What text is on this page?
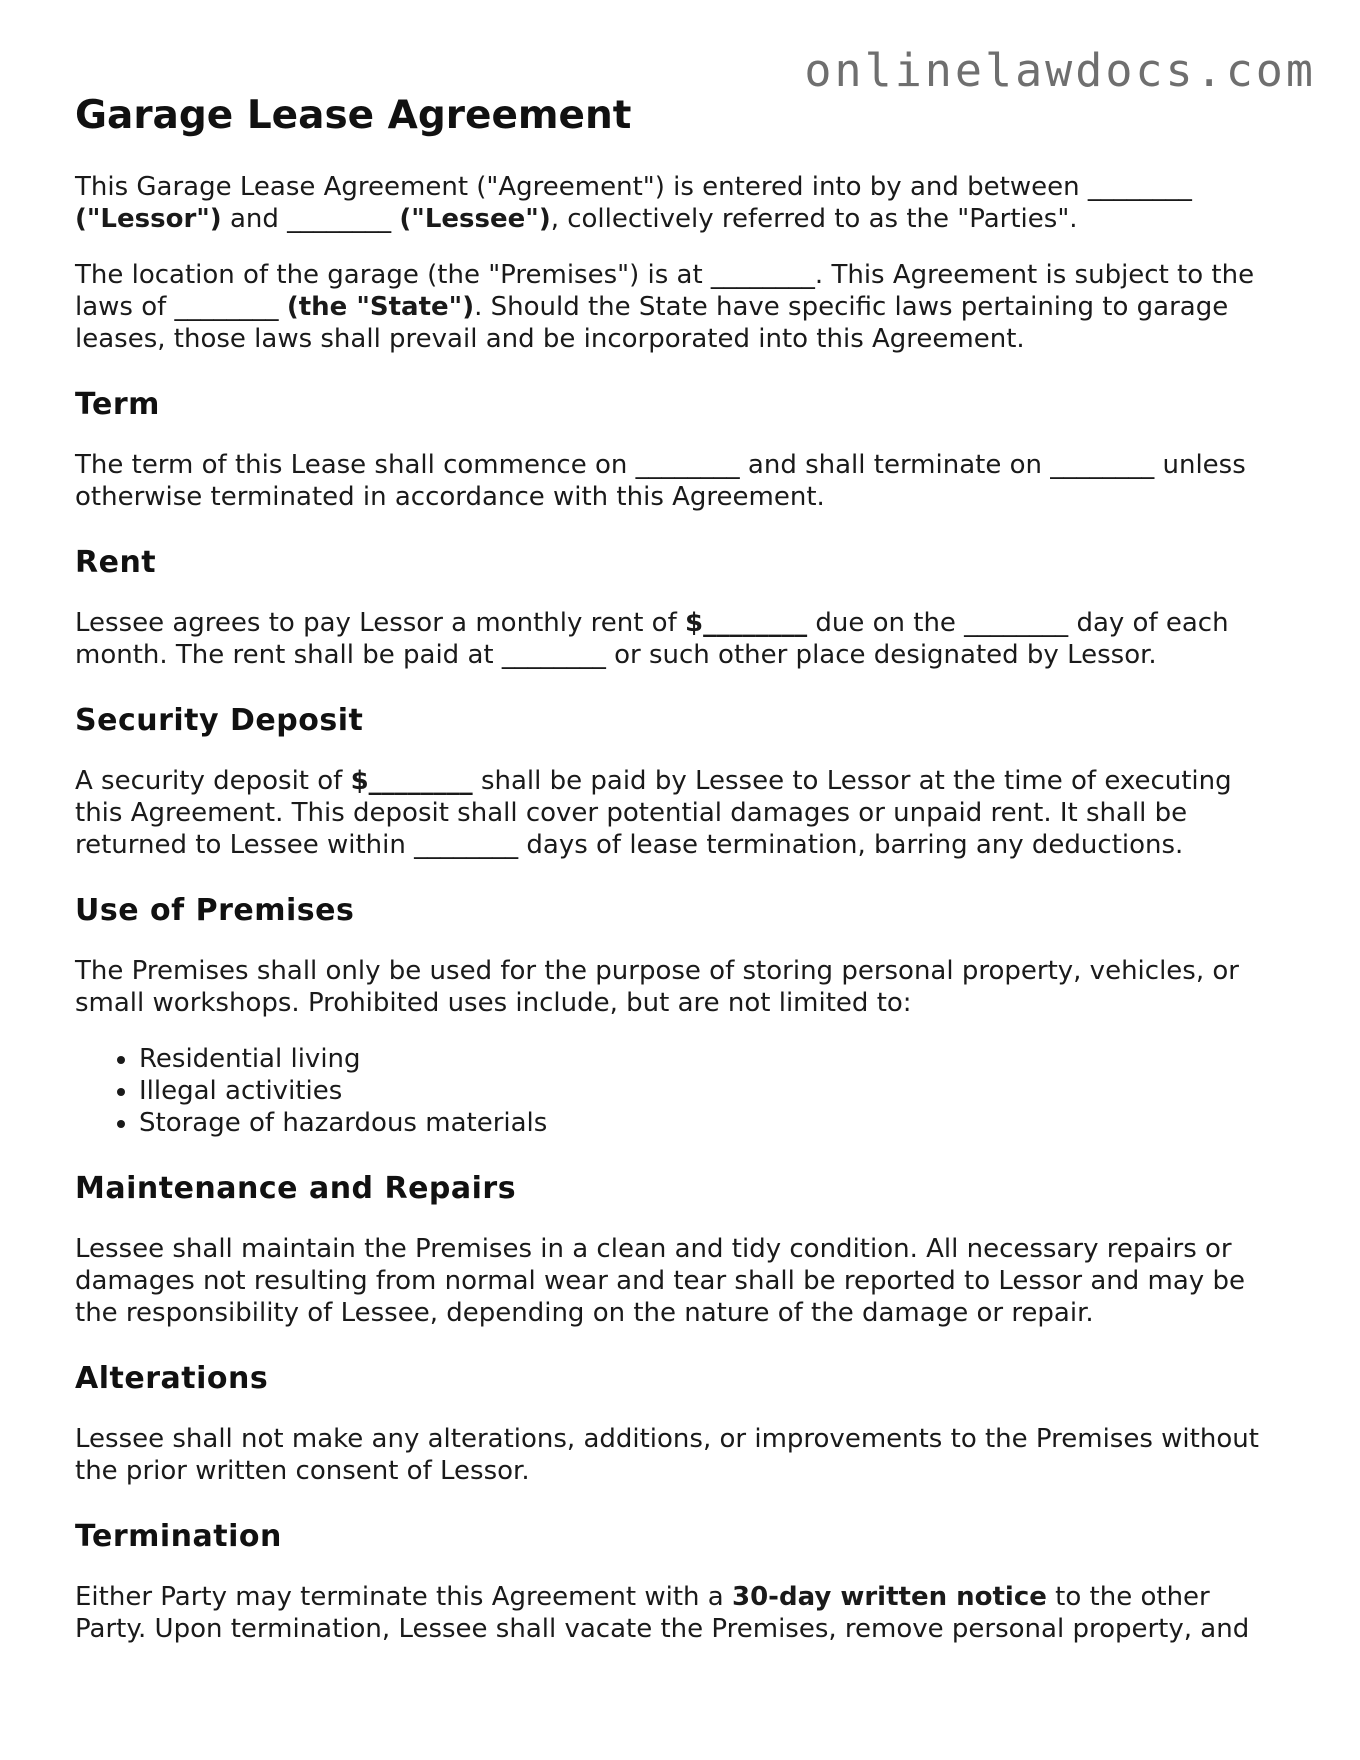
onlinelawdocs.com
Garage Lease Agreement

This Garage Lease Agreement ("Agreement") is entered into by and between ________ ("Lessor") and ________ ("Lessee"), collectively referred to as the "Parties".

The location of the garage (the "Premises") is at ________. This Agreement is subject to the laws of ________ (the "State"). Should the State have specific laws pertaining to garage leases, those laws shall prevail and be incorporated into this Agreement.

Term

The term of this Lease shall commence on ________ and shall terminate on ________ unless otherwise terminated in accordance with this Agreement.

Rent

Lessee agrees to pay Lessor a monthly rent of $________ due on the ________ day of each month. The rent shall be paid at ________ or such other place designated by Lessor.

Security Deposit

A security deposit of $________ shall be paid by Lessee to Lessor at the time of executing this Agreement. This deposit shall cover potential damages or unpaid rent. It shall be returned to Lessee within ________ days of lease termination, barring any deductions.

Use of Premises

The Premises shall only be used for the purpose of storing personal property, vehicles, or small workshops. Prohibited uses include, but are not limited to:

• Residential living
• Illegal activities
• Storage of hazardous materials
Maintenance and Repairs

Lessee shall maintain the Premises in a clean and tidy condition. All necessary repairs or damages not resulting from normal wear and tear shall be reported to Lessor and may be the responsibility of Lessee, depending on the nature of the damage or repair.

Alterations

Lessee shall not make any alterations, additions, or improvements to the Premises without the prior written consent of Lessor.

Termination

Either Party may terminate this Agreement with a 30-day written notice to the other Party. Upon termination, Lessee shall vacate the Premises, remove personal property, and
